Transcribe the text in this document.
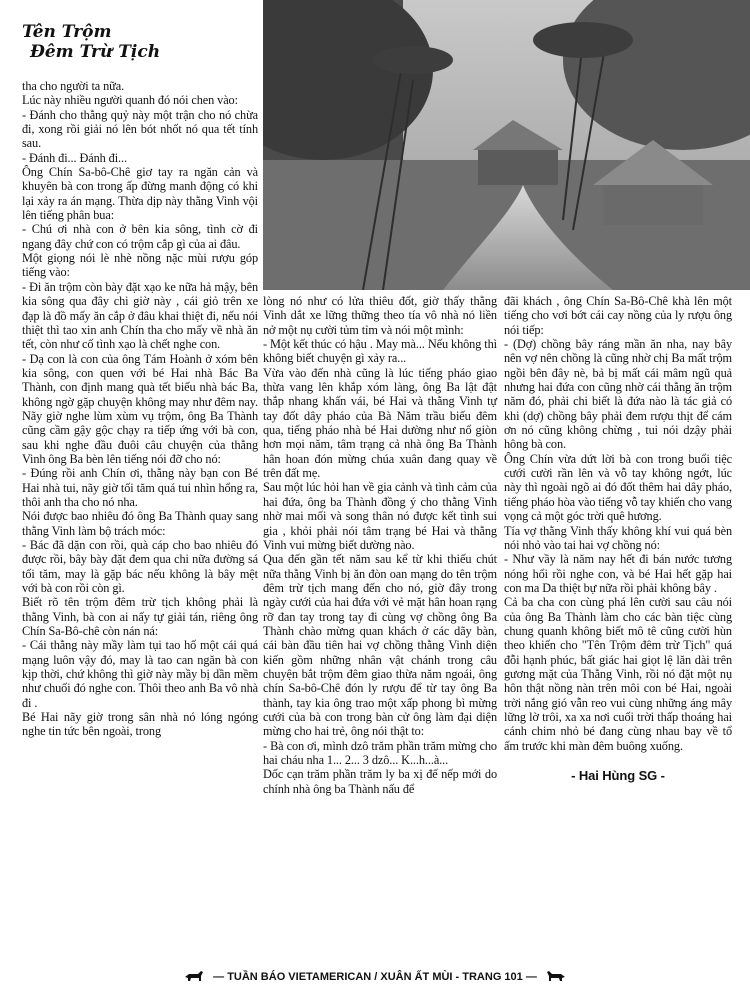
Tên Trộm
Đêm Trừ Tịch

tha cho người ta nữa.

Lúc này nhiều người quanh đó nói chen vào:

- Đánh cho thằng quỷ này một trận cho nó chừa đi, xong rồi giải nó lên bót nhốt nó qua tết tính sau.

- Đánh đi... Đánh đi...

Ông Chín Sa-bô-Chê giơ tay ra ngăn cản và khuyên bà con trong ấp đừng manh động có khi lại xảy ra án mạng. Thừa dịp này thằng Vinh vội lên tiếng phân bua:

- Chú ơi nhà con ở bên kia sông, tình cờ đi ngang đây chứ con có trộm cắp gì của ai đâu.

Một giọng nói lè nhè nồng nặc mùi rượu góp tiếng vào:

- Đi ăn trộm còn bày đặt xạo ke nữa hả mậy, bên kia sông qua đây chi giờ này , cái giỏ trên xe đạp là đồ mấy ăn cắp ở đâu khai thiệt đi, nếu nói thiệt thì tao xin anh Chín tha cho mấy về nhà ăn tết, còn như cố tình xạo là chết nghe con.

- Dạ con là con của ông Tám Hoành ở xóm bên kia sông, con quen với bé Hai nhà Bác Ba Thành, con định mang quà tết biếu nhà bác Ba, không ngờ gặp chuyện không may như đêm nay. Nãy giờ nghe lùm xùm vụ trộm, ông Ba Thành cũng cầm gậy gộc chạy ra tiếp ứng với bà con, sau khi nghe đầu đuôi câu chuyện của thằng Vinh ông Ba bèn lên tiếng nói đỡ cho nó:

- Đúng rồi anh Chín ơi, thằng này bạn con Bé Hai nhà tui, nãy giờ tối tăm quá tui nhìn hổng ra, thôi anh tha cho nó nha.

Nói được bao nhiêu đó ông Ba Thành quay sang thằng Vinh làm bộ trách móc:

- Bác đã dặn con rồi, quà cáp cho bao nhiêu đó được rồi, bây bày đặt đem qua chi nữa đường sá tối tăm, may là gặp bác nếu không là bây mệt với bà con rồi còn gì.

Biết rõ tên trộm đêm trừ tịch không phải là thằng Vinh, bà con ai nấy tự giải tán, riêng ông Chín Sa-Bô-chê còn nán ná:

- Cái thằng này mầy làm tụi tao hố một cái quá mạng luôn vậy đó, may là tao can ngăn bà con kịp thời, chứ không thì giờ này mầy bị dần mềm như chuối đó nghe con. Thôi theo anh Ba vô nhà đi .

Bé Hai nãy giờ trong sân nhà nó lóng ngóng nghe tin tức bên ngoài, trong

lòng nó như có lửa thiêu đốt, giờ thấy thằng Vinh dắt xe lững thững theo tía vô nhà nó liền nở một nụ cười tủm tỉm và nói một mình:

- Một kết thúc có hậu . May mà... Nếu không thì không biết chuyện gì xảy ra...

Vừa vào đến nhà cũng là lúc tiếng pháo giao thừa vang lên khắp xóm làng, ông Ba lật đật thắp nhang khấn vái, bé Hai và thằng Vinh tự tay đốt dây pháo của Bà Năm trầu biếu đêm qua, tiếng pháo nhà bé Hai dường như nổ giòn hơn mọi năm, tâm trạng cả nhà ông Ba Thành hân hoan đón mừng chúa xuân đang quay về trên đất mẹ.

Sau một lúc hỏi han về gia cảnh và tình cảm của hai đứa, ông ba Thành đồng ý cho thằng Vinh nhờ mai mối và song thân nó được kết tình sui gia , khỏi phải nói tâm trạng bé Hai và thằng Vinh vui mừng biết dường nào.

Qua đến gần tết năm sau kể từ khi thiếu chút nữa thằng Vinh bị ăn đòn oan mạng do tên trộm đêm trừ tịch mang đến cho nó, giờ đây trong ngày cưới của hai đứa với vẻ mặt hân hoan rạng rỡ đan tay trong tay đi cùng vợ chồng ông Ba Thành chào mừng quan khách ở các dãy bàn, cái bàn đầu tiên hai vợ chồng thằng Vinh diện kiến gồm những nhân vật chánh trong câu chuyện bắt trộm đêm giao thừa năm ngoái, ông chín Sa-bô-Chê đón ly rượu để từ tay ông Ba thành, tay kia ông trao một xấp phong bì mừng cưới của bà con trong bàn cử ông làm đại diện mừng cho hai trẻ, ông nói thật to:

- Bà con ơi, mình dzô trăm phần trăm mừng cho hai cháu nha 1... 2... 3 dzô... K...h...à...

Dốc cạn trăm phần trăm ly ba xị đế nếp mới do chính nhà ông ba Thành nấu để

đãi khách , ông Chín Sa-Bô-Chê khà lên một tiếng cho vơi bớt cái cay nồng của ly rượu ông nói tiếp:

- (Dợ) chồng bây ráng mần ăn nha, nay bây nên vợ nên chồng là cũng nhờ chị Ba mất trộm ngồi bên đây nè, bả bị mất cái mâm ngũ quả nhưng hai đứa con cũng nhờ cái thằng ăn trộm năm đó, phải chi biết là đứa nào là tác giả có khi (dợ) chồng bây phải đem rượu thịt để cám ơn nó cũng không chừng , tui nói dzậy phải hông bà con.

Ông Chín vừa dứt lời bà con trong buổi tiệc cưới cười rần lên và vỗ tay không ngớt, lúc này thì ngoài ngõ ai đó đốt thêm hai dây pháo, tiếng pháo hòa vào tiếng vỗ tay khiến cho vang vọng cả một góc trời quê hương.

Tía vợ thằng Vinh thấy không khí vui quá bèn nói nhỏ vào tai hai vợ chồng nó:

- Như vầy là năm nay hết đi bán nước tương nóng hổi rồi nghe con, và bé Hai hết gặp hai con ma Da thiệt bự nữa rồi phải không bây .

Cả ba cha con cùng phá lên cười sau câu nói của ông Ba Thành làm cho các bàn tiệc cùng chung quanh không biết mô tê cũng cười hùn theo khiến cho "Tên Trộm đêm trừ Tịch" quá đỗi hạnh phúc, bất giác hai giọt lệ lăn dài trên gương mặt của Thằng Vinh, rồi nó đặt một nụ hôn thật nồng nàn trên môi con bé Hai, ngoài trời nắng gió vẫn reo vui cùng những áng mây lững lờ trôi, xa xa nơi cuối trời thấp thoáng hai cánh chim nhỏ bé đang cùng nhau bay về tổ ấm trước khi màn đêm buông xuống.

- Hai Hùng SG -

— TUẦN BÁO VIETAMERICAN / XUÂN ẤT MÙI - TRANG 101 —
